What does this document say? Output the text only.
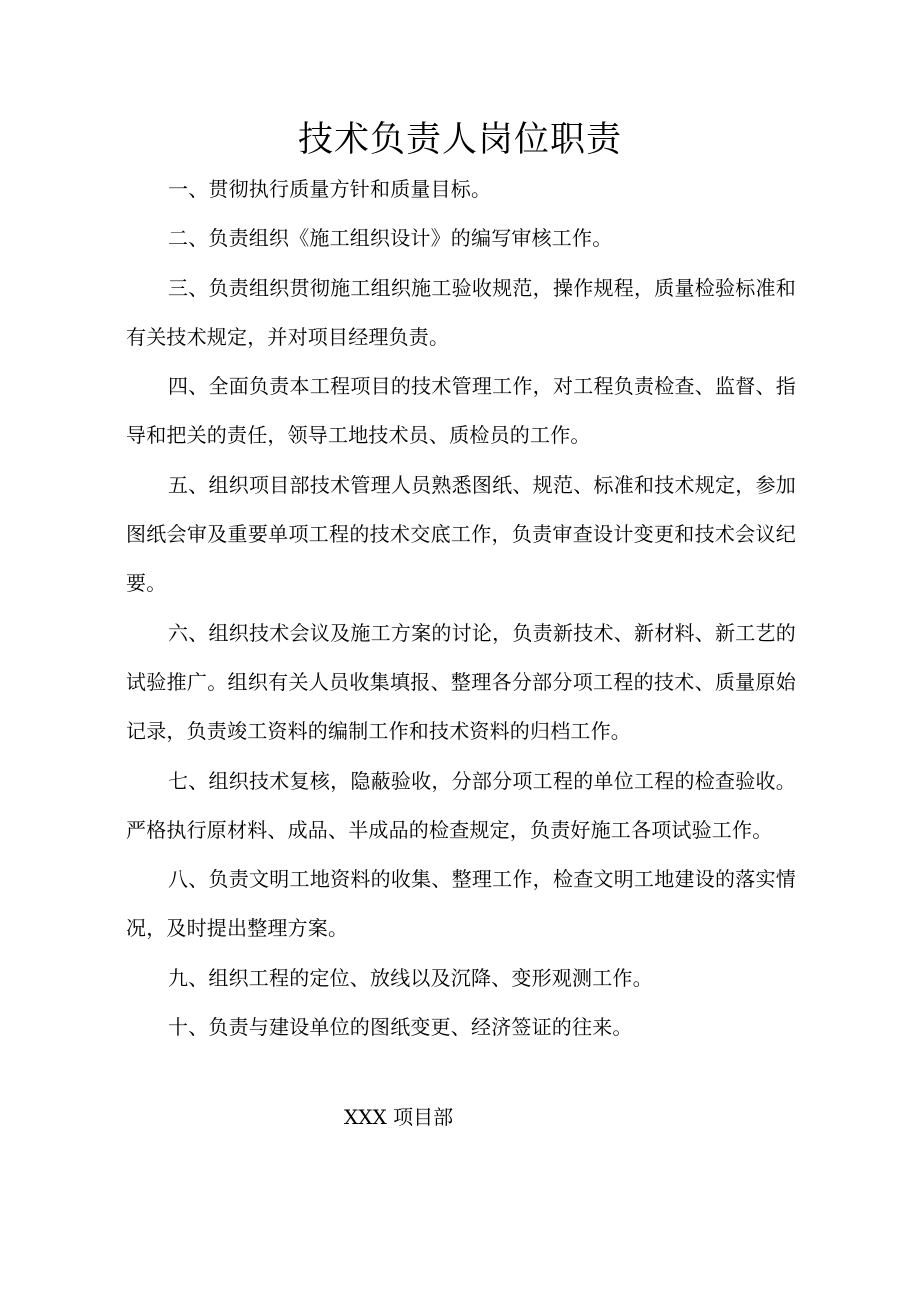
技术负责人岗位职责

一、贯彻执行质量方针和质量目标。

二、负责组织《施工组织设计》的编写审核工作。

三、负责组织贯彻施工组织施工验收规范，操作规程，质量检验标准和有关技术规定，并对项目经理负责。

四、全面负责本工程项目的技术管理工作，对工程负责检查、监督、指导和把关的责任，领导工地技术员、质检员的工作。

五、组织项目部技术管理人员熟悉图纸、规范、标准和技术规定，参加图纸会审及重要单项工程的技术交底工作，负责审查设计变更和技术会议纪要。

六、组织技术会议及施工方案的讨论，负责新技术、新材料、新工艺的试验推广。组织有关人员收集填报、整理各分部分项工程的技术、质量原始记录，负责竣工资料的编制工作和技术资料的归档工作。

七、组织技术复核，隐蔽验收，分部分项工程的单位工程的检查验收。严格执行原材料、成品、半成品的检查规定，负责好施工各项试验工作。

八、负责文明工地资料的收集、整理工作，检查文明工地建设的落实情况，及时提出整理方案。

九、组织工程的定位、放线以及沉降、变形观测工作。

十、负责与建设单位的图纸变更、经济签证的往来。

XXX 项目部
